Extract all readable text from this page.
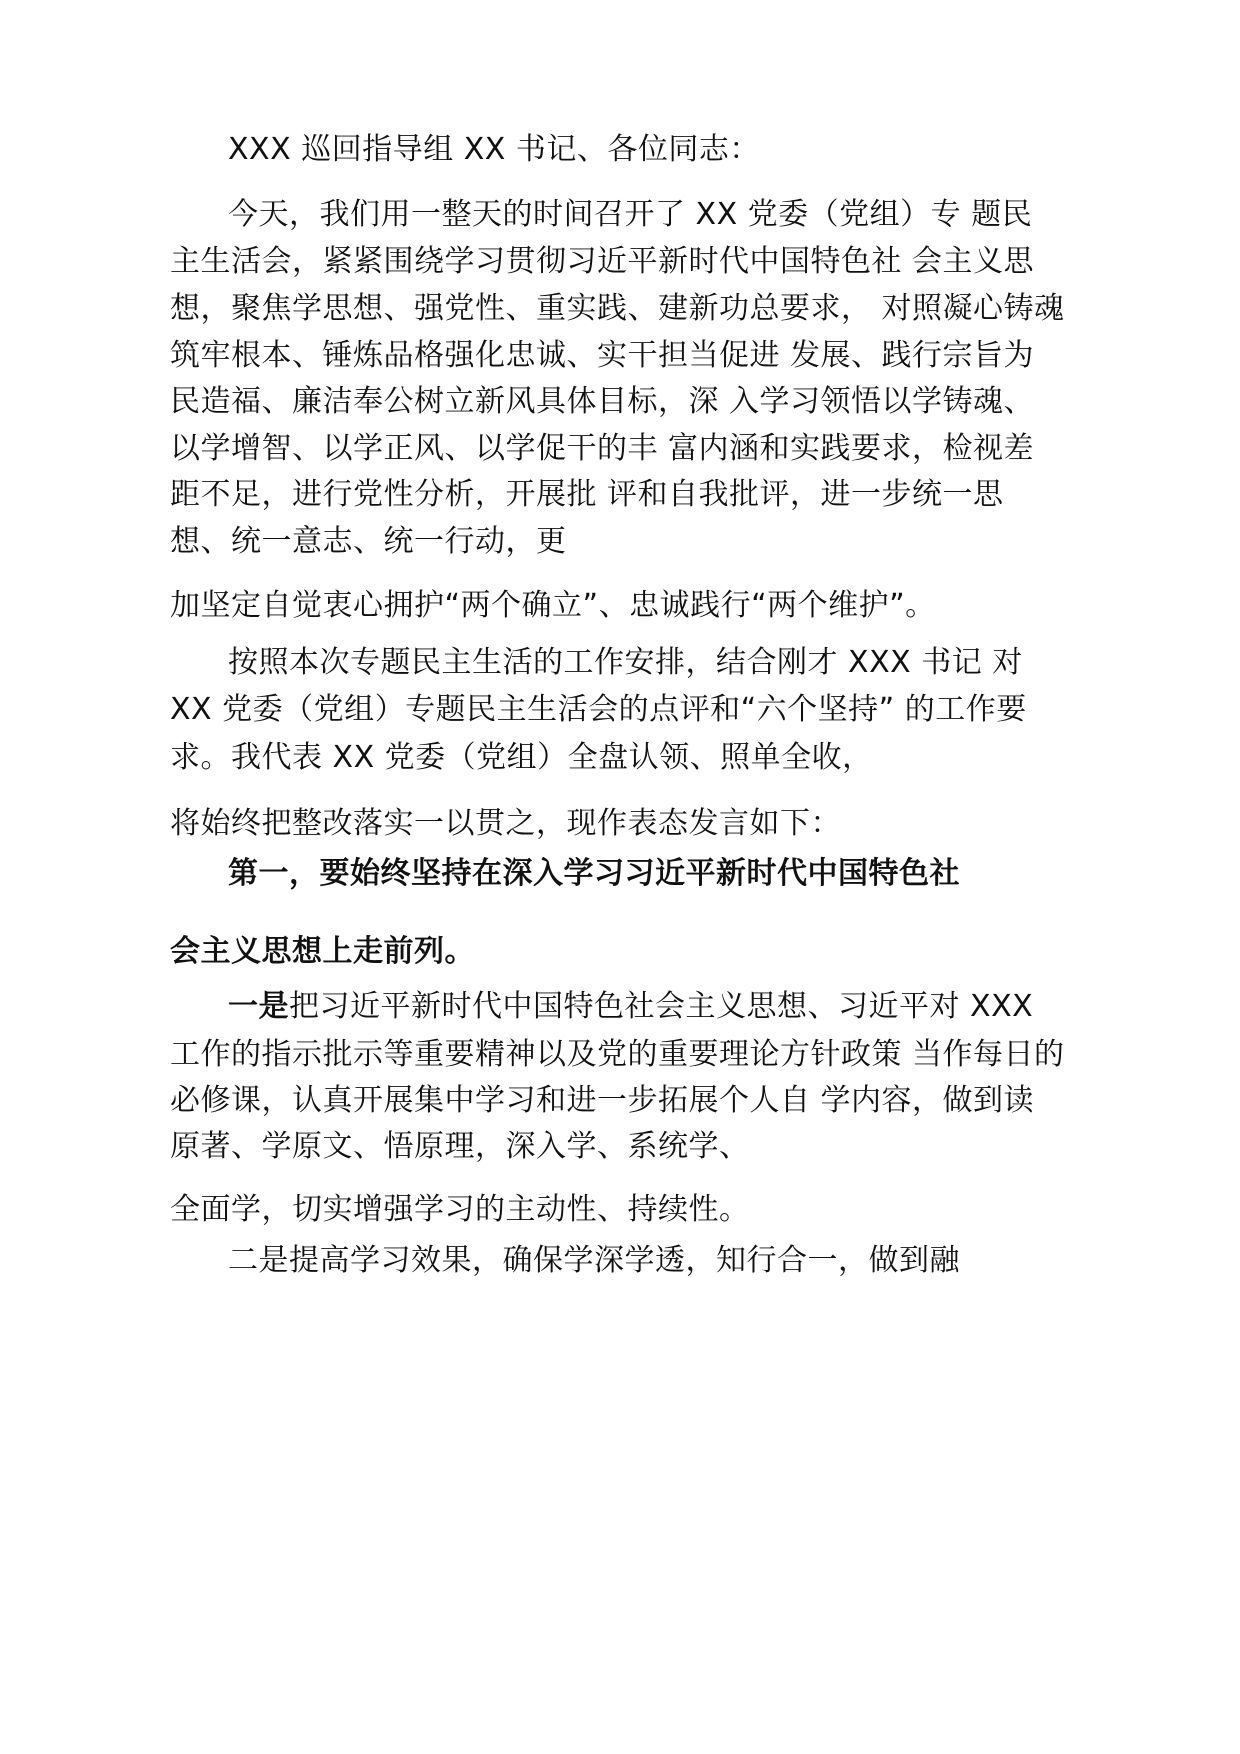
XXX 巡回指导组 XX 书记、各位同志：
今天，我们用一整天的时间召开了 XX 党委（党组）专 题民
主生活会，紧紧围绕学习贯彻习近平新时代中国特色社 会主义思
想，聚焦学思想、强党性、重实践、建新功总要求， 对照凝心铸魂
筑牢根本、锤炼品格强化忠诚、实干担当促进 发展、践行宗旨为
民造福、廉洁奉公树立新风具体目标，深 入学习领悟以学铸魂、
以学增智、以学正风、以学促干的丰 富内涵和实践要求，检视差
距不足，进行党性分析，开展批 评和自我批评，进一步统一思
想、统一意志、统一行动，更
加坚定自觉衷心拥护“两个确立”、忠诚践行“两个维护”。
按照本次专题民主生活的工作安排，结合刚才 XXX 书记 对
XX 党委（党组）专题民主生活会的点评和“六个坚持” 的工作要
求。我代表 XX 党委（党组）全盘认领、照单全收，
将始终把整改落实一以贯之，现作表态发言如下：
第一，要始终坚持在深入学习习近平新时代中国特色社
会主义思想上走前列。
一是把习近平新时代中国特色社会主义思想、习近平对 XXX
工作的指示批示等重要精神以及党的重要理论方针政策 当作每日的
必修课，认真开展集中学习和进一步拓展个人自 学内容，做到读
原著、学原文、悟原理，深入学、系统学、
全面学，切实增强学习的主动性、持续性。
二是提高学习效果，确保学深学透，知行合一，做到融
